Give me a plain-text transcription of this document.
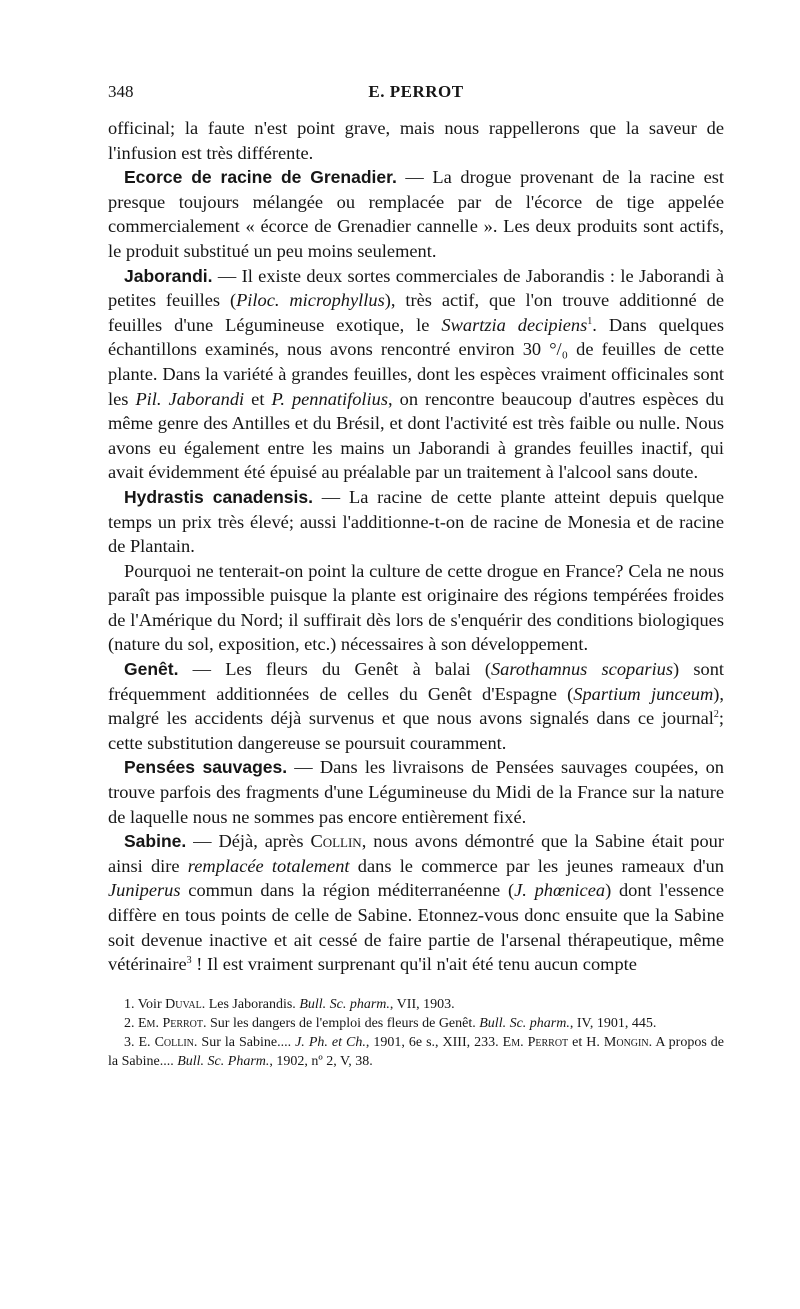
348	E. PERROT

officinal; la faute n'est point grave, mais nous rappellerons que la saveur de l'infusion est très différente.

Ecorce de racine de Grenadier. — La drogue provenant de la racine est presque toujours mélangée ou remplacée par de l'écorce de tige appelée commercialement « écorce de Grenadier cannelle ». Les deux produits sont actifs, le produit substitué un peu moins seulement.

Jaborandi. — Il existe deux sortes commerciales de Jaborandis : le Jaborandi à petites feuilles (Piloc. microphyllus), très actif, que l'on trouve additionné de feuilles d'une Légumineuse exotique, le Swartzia decipiens$^1$. Dans quelques échantillons examinés, nous avons rencontré environ 30 °/₀ de feuilles de cette plante. Dans la variété à grandes feuilles, dont les espèces vraiment officinales sont les Pil. Jaborandi et P. pennatifolius, on rencontre beaucoup d'autres espèces du même genre des Antilles et du Brésil, et dont l'activité est très faible ou nulle. Nous avons eu également entre les mains un Jaborandi à grandes feuilles inactif, qui avait évidemment été épuisé au préalable par un traitement à l'alcool sans doute.

Hydrastis canadensis. — La racine de cette plante atteint depuis quelque temps un prix très élevé; aussi l'additionne-t-on de racine de Monesia et de racine de Plantain.

Pourquoi ne tenterait-on point la culture de cette drogue en France? Cela ne nous paraît pas impossible puisque la plante est originaire des régions tempérées froides de l'Amérique du Nord; il suffirait dès lors de s'enquérir des conditions biologiques (nature du sol, exposition, etc.) nécessaires à son développement.

Genêt. — Les fleurs du Genêt à balai (Sarothamnus scoparius) sont fréquemment additionnées de celles du Genêt d'Espagne (Spartium junceum), malgré les accidents déjà survenus et que nous avons signalés dans ce journal$^2$; cette substitution dangereuse se poursuit couramment.

Pensées sauvages. — Dans les livraisons de Pensées sauvages coupées, on trouve parfois des fragments d'une Légumineuse du Midi de la France sur la nature de laquelle nous ne sommes pas encore entièrement fixé.

Sabine. — Déjà, après Collin, nous avons démontré que la Sabine était pour ainsi dire remplacée totalement dans le commerce par les jeunes rameaux d'un Juniperus commun dans la région méditerranéenne (J. phœnicea) dont l'essence diffère en tous points de celle de Sabine. Etonnez-vous donc ensuite que la Sabine soit devenue inactive et ait cessé de faire partie de l'arsenal thérapeutique, même vétérinaire$^3$ ! Il est vraiment surprenant qu'il n'ait été tenu aucun compte

1. Voir Duval. Les Jaborandis. Bull. Sc. pharm., VII, 1903.

2. Em. Perrot. Sur les dangers de l'emploi des fleurs de Genêt. Bull. Sc. pharm., IV, 1901, 445.

3. E. Collin. Sur la Sabine.... J. Ph. et Ch., 1901, 6e s., XIII, 233. Em. Perrot et H. Mongin. A propos de la Sabine.... Bull. Sc. Pharm., 1902, nº 2, V, 38.
